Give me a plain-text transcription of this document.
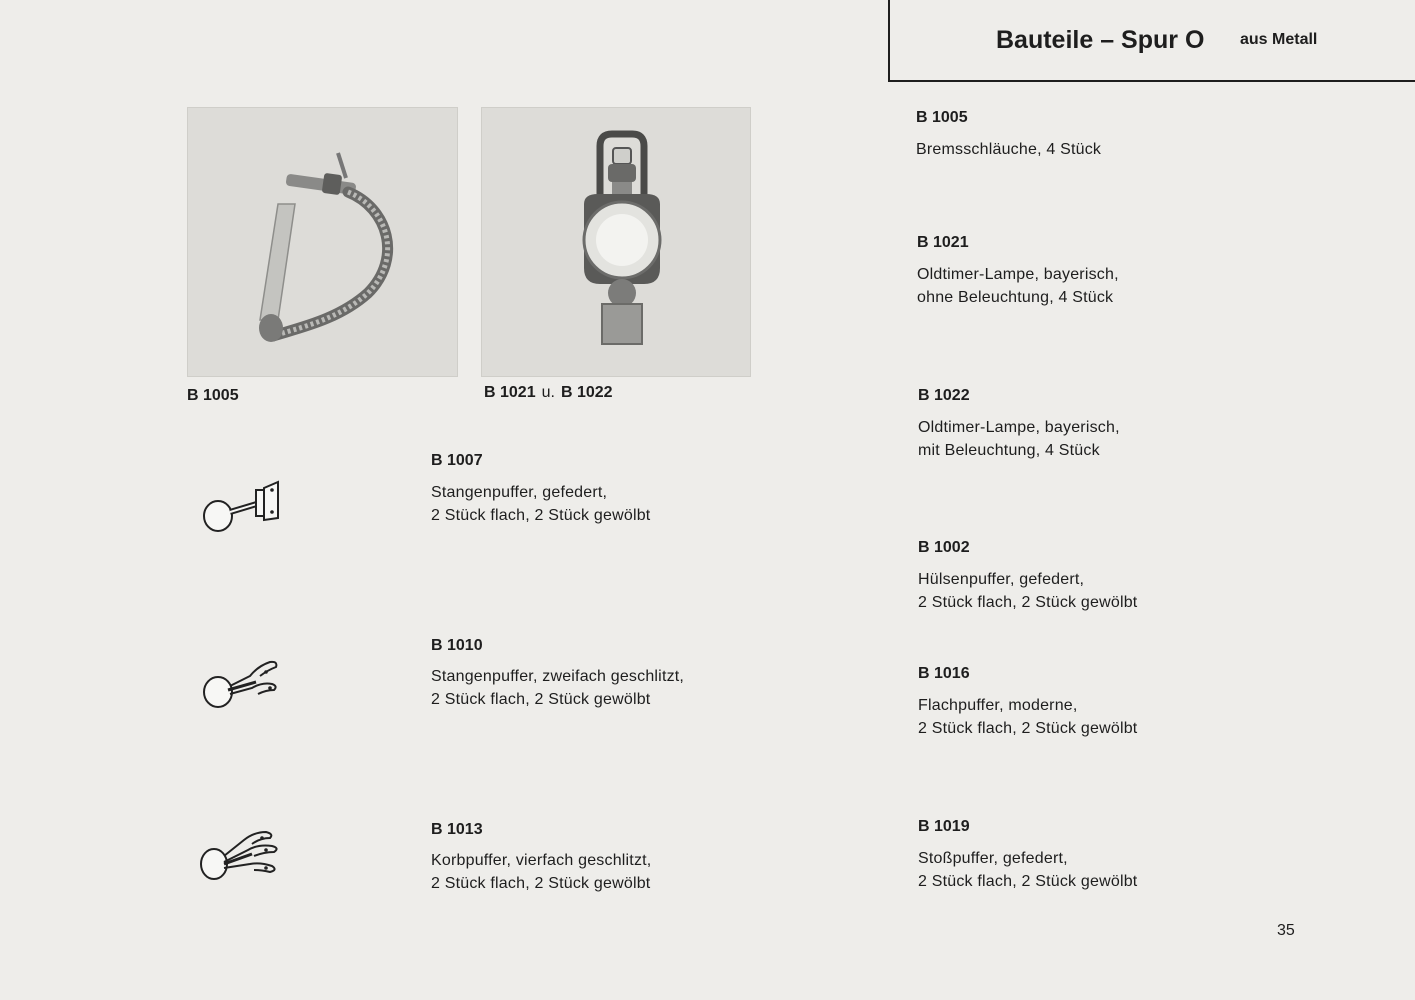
Bauteile – Spur O aus Metall
B 1005	B 1021 u. B 1022
B 1007
Stangenpuffer, gefedert,
2 Stück flach, 2 Stück gewölbt
B 1010
Stangenpuffer, zweifach geschlitzt,
2 Stück flach, 2 Stück gewölbt
B 1013
Korbpuffer, vierfach geschlitzt,
2 Stück flach, 2 Stück gewölbt
B 1005
Bremsschläuche, 4 Stück
B 1021
Oldtimer-Lampe, bayerisch,
ohne Beleuchtung, 4 Stück
B 1022
Oldtimer-Lampe, bayerisch,
mit Beleuchtung, 4 Stück
B 1002
Hülsenpuffer, gefedert,
2 Stück flach, 2 Stück gewölbt
B 1016
Flachpuffer, moderne,
2 Stück flach, 2 Stück gewölbt
B 1019
Stoßpuffer, gefedert,
2 Stück flach, 2 Stück gewölbt
35
